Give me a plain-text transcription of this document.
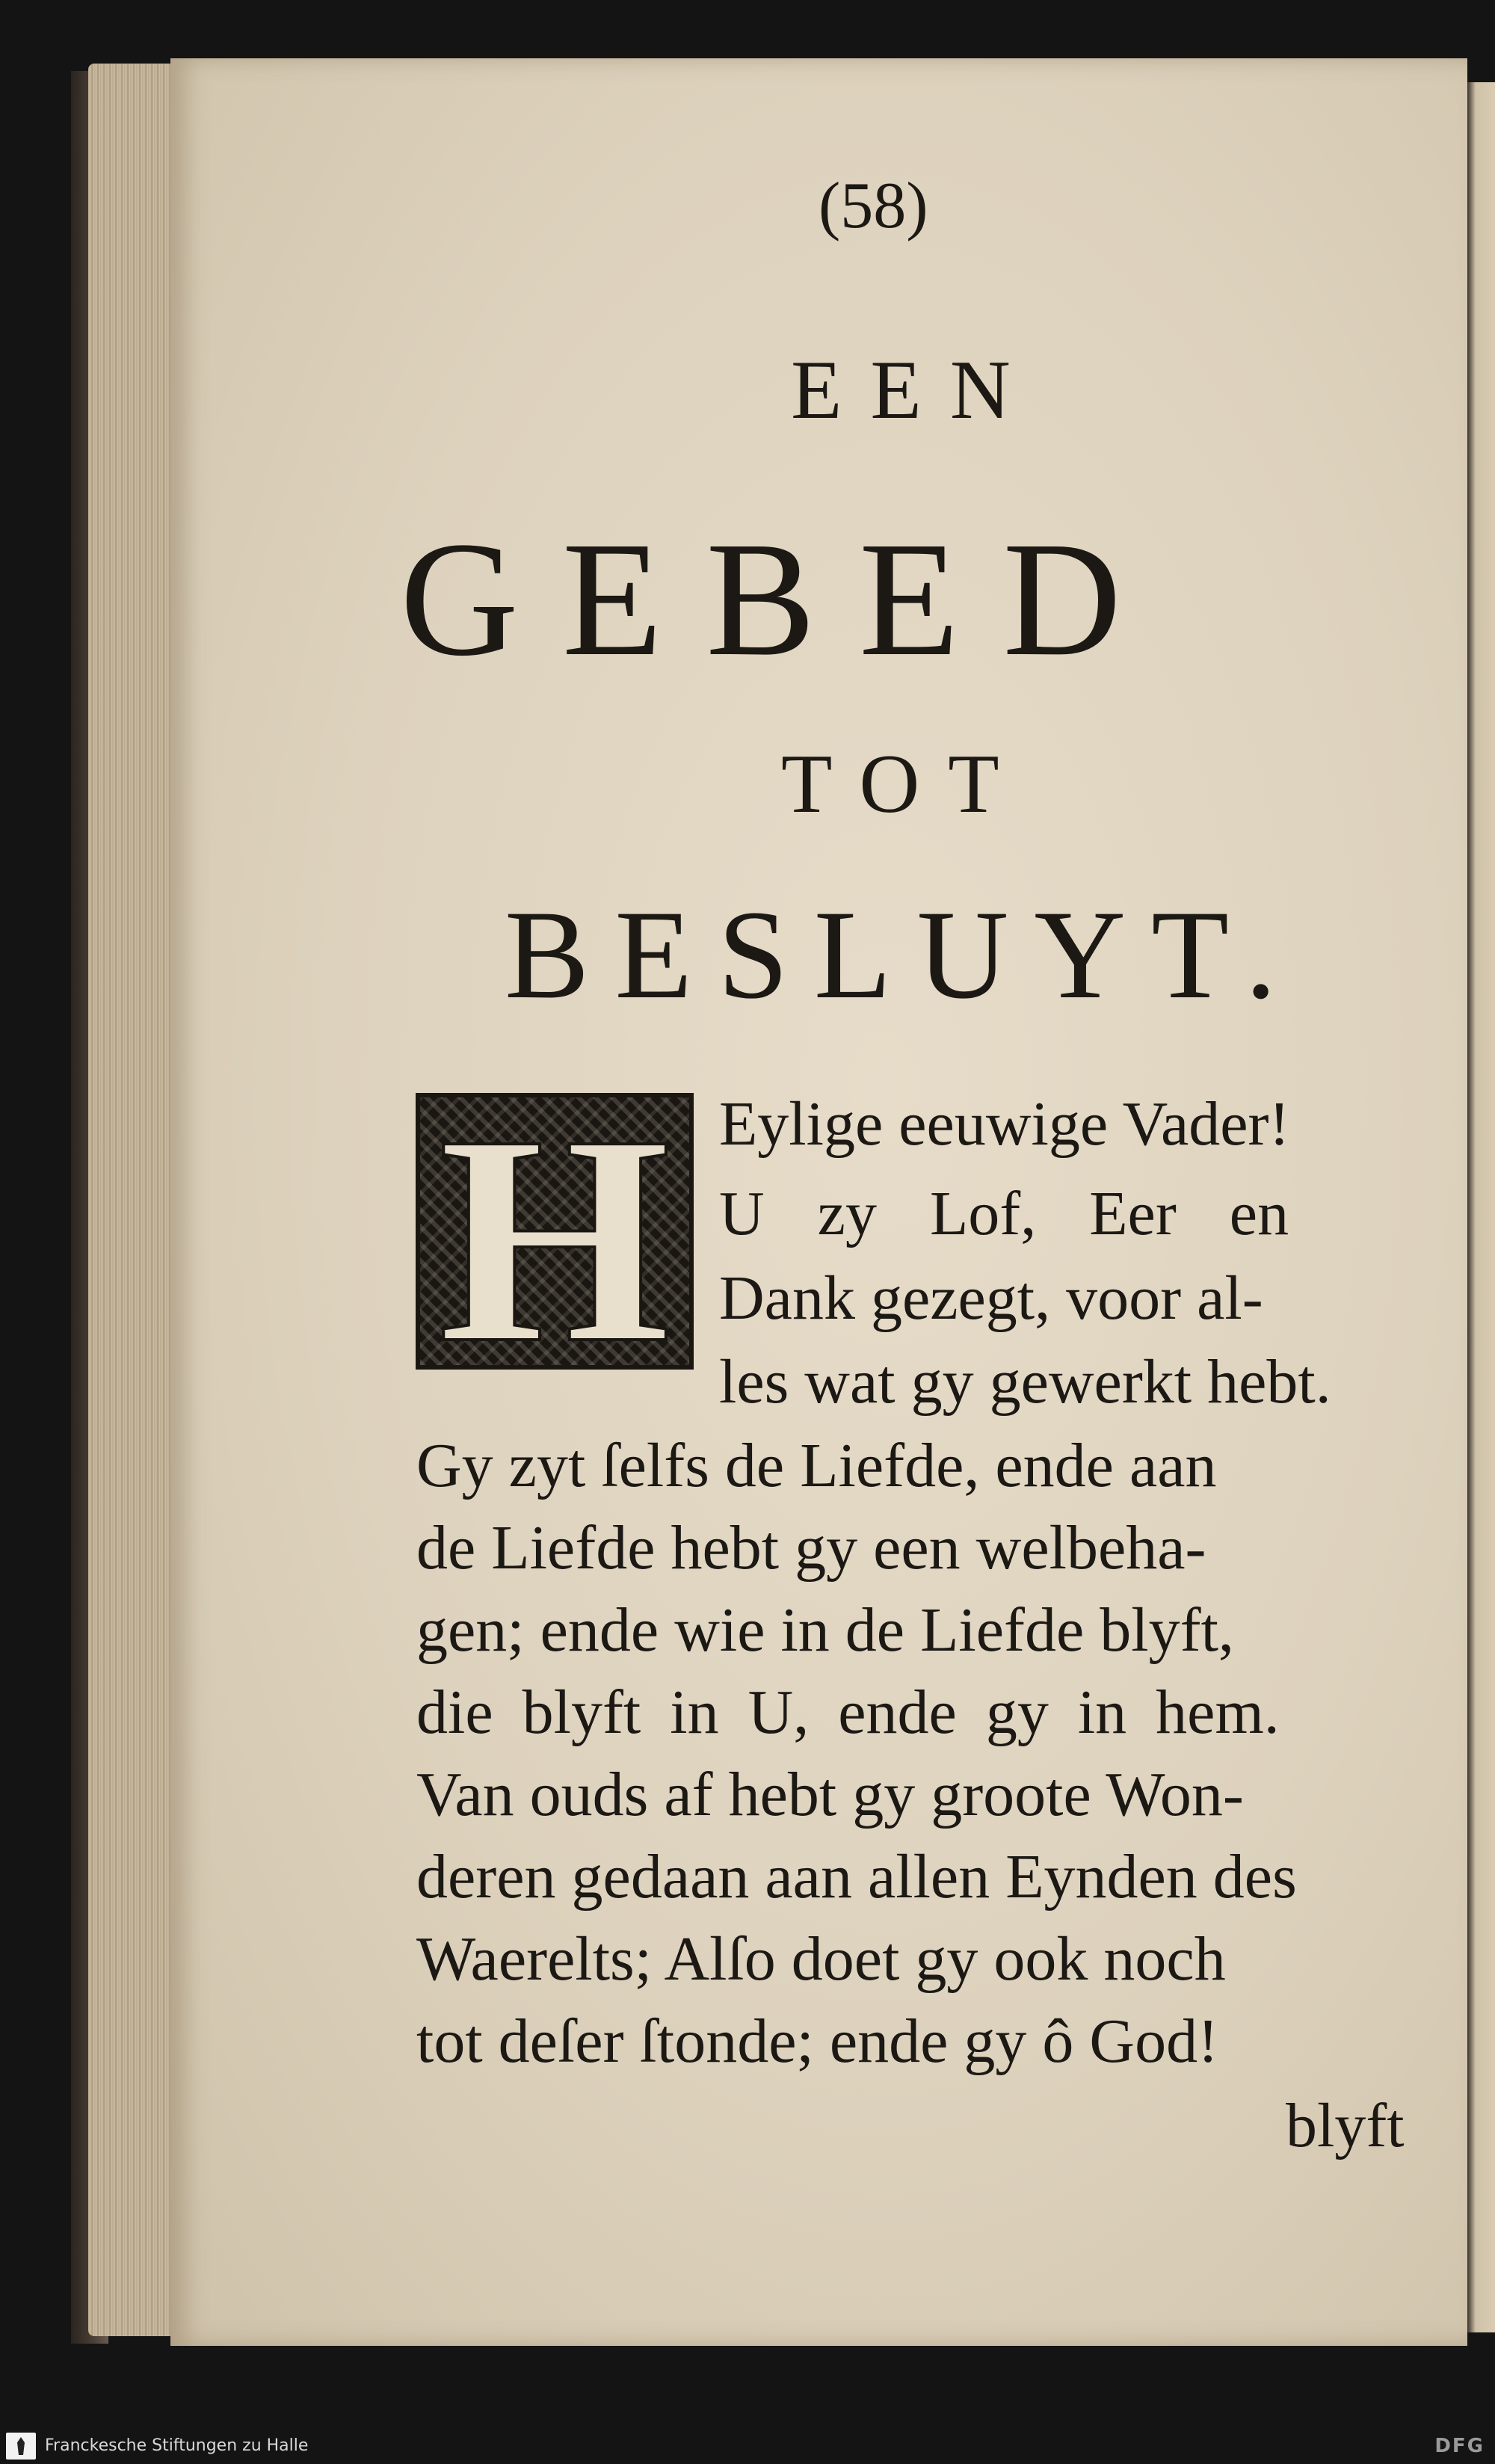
(58)
EEN
GEBED
TOT
BESLUYT.
H Eylige eeuwige Vader!
U zy Lof, Eer en
Dank gezegt, voor al-
les wat gy gewerkt hebt.
Gy zyt ſelfs de Liefde, ende aan
de Liefde hebt gy een welbeha-
gen; ende wie in de Liefde blyft,
die blyft in U, ende gy in hem.
Van ouds af hebt gy groote Won-
deren gedaan aan allen Eynden des
Waerelts; Alſo doet gy ook noch
tot deſer ſtonde; ende gy ô God!
blyft
Franckesche Stiftungen zu Halle	DFG
